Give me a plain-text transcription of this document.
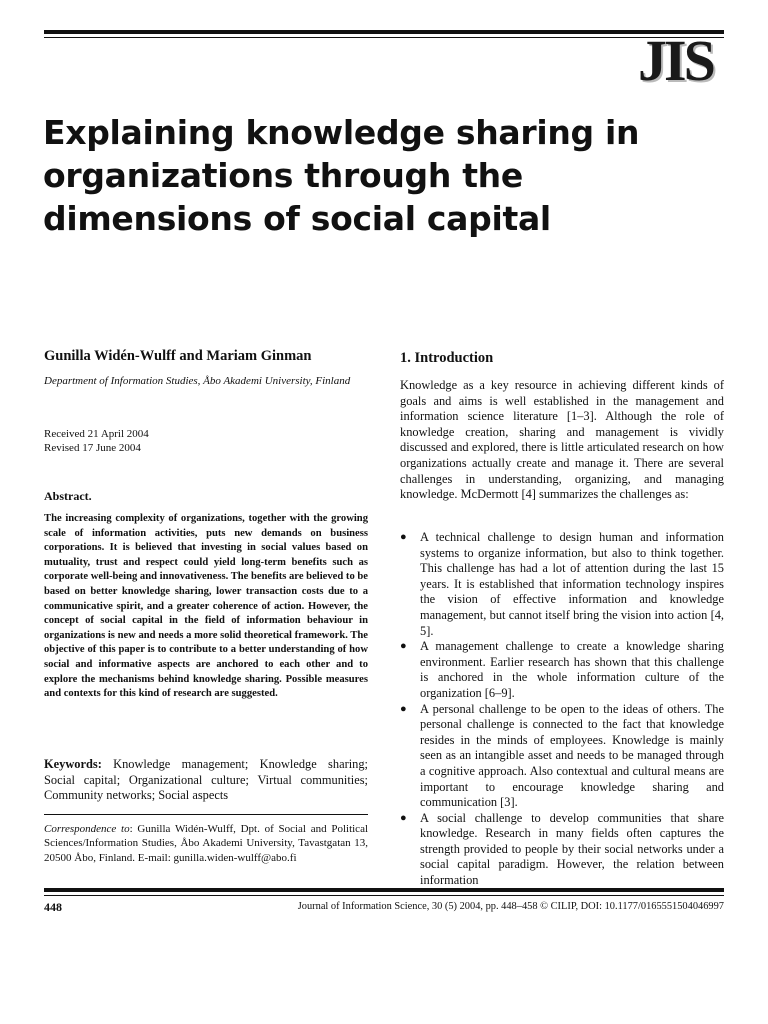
JIS
Explaining knowledge sharing in organizations through the dimensions of social capital
Gunilla Widén-Wulff and Mariam Ginman
Department of Information Studies, Åbo Akademi University, Finland
Received 21 April 2004
Revised 17 June 2004
Abstract.

The increasing complexity of organizations, together with the growing scale of information activities, puts new demands on business corporations. It is believed that investing in social values based on mutuality, trust and respect could yield long-term benefits such as corporate well-being and innovativeness. The benefits are believed to be based on better knowledge sharing, lower transaction costs due to a communicative spirit, and a greater coherence of action. However, the concept of social capital in the field of information behaviour in organizations is new and needs a more solid theoretical framework. The objective of this paper is to contribute to a better understanding of how social and informative aspects are anchored to each other and to explore the mechanisms behind knowledge sharing. Possible measures and contexts for this kind of research are suggested.

Keywords: Knowledge management; Knowledge sharing; Social capital; Organizational culture; Virtual communities; Community networks; Social aspects

Correspondence to: Gunilla Widén-Wulff, Dpt. of Social and Political Sciences/Information Studies, Åbo Akademi University, Tavastgatan 13, 20500 Åbo, Finland. E-mail: gunilla.widen-wulff@abo.fi

1. Introduction

Knowledge as a key resource in achieving different kinds of goals and aims is well established in the management and information science literature [1–3]. Although the role of knowledge creation, sharing and management is vividly discussed and explored, there is little articulated research on how organizations actually create and manage it. There are several challenges in understanding, organizing, and managing knowledge. McDermott [4] summarizes the challenges as:

● A technical challenge to design human and information systems to organize information, but also to think together. This challenge has had a lot of attention during the last 15 years. It is established that information technology inspires the vision of effective information and knowledge management, but cannot itself bring the vision into action [4, 5].
● A management challenge to create a knowledge sharing environment. Earlier research has shown that this challenge is anchored in the whole information culture of the organization [6–9].
● A personal challenge to be open to the ideas of others. The personal challenge is connected to the fact that knowledge resides in the minds of employees. Knowledge is mainly seen as an intangible asset and needs to be managed through a cognitive approach. Also contextual and cultural means are important to encourage knowledge sharing and communication [3].
● A social challenge to develop communities that share knowledge. Research in many fields often captures the strength provided to people by their social networks under a social capital paradigm. However, the relation between information
448	Journal of Information Science, 30 (5) 2004, pp. 448–458 © CILIP, DOI: 10.1177/0165551504046997
